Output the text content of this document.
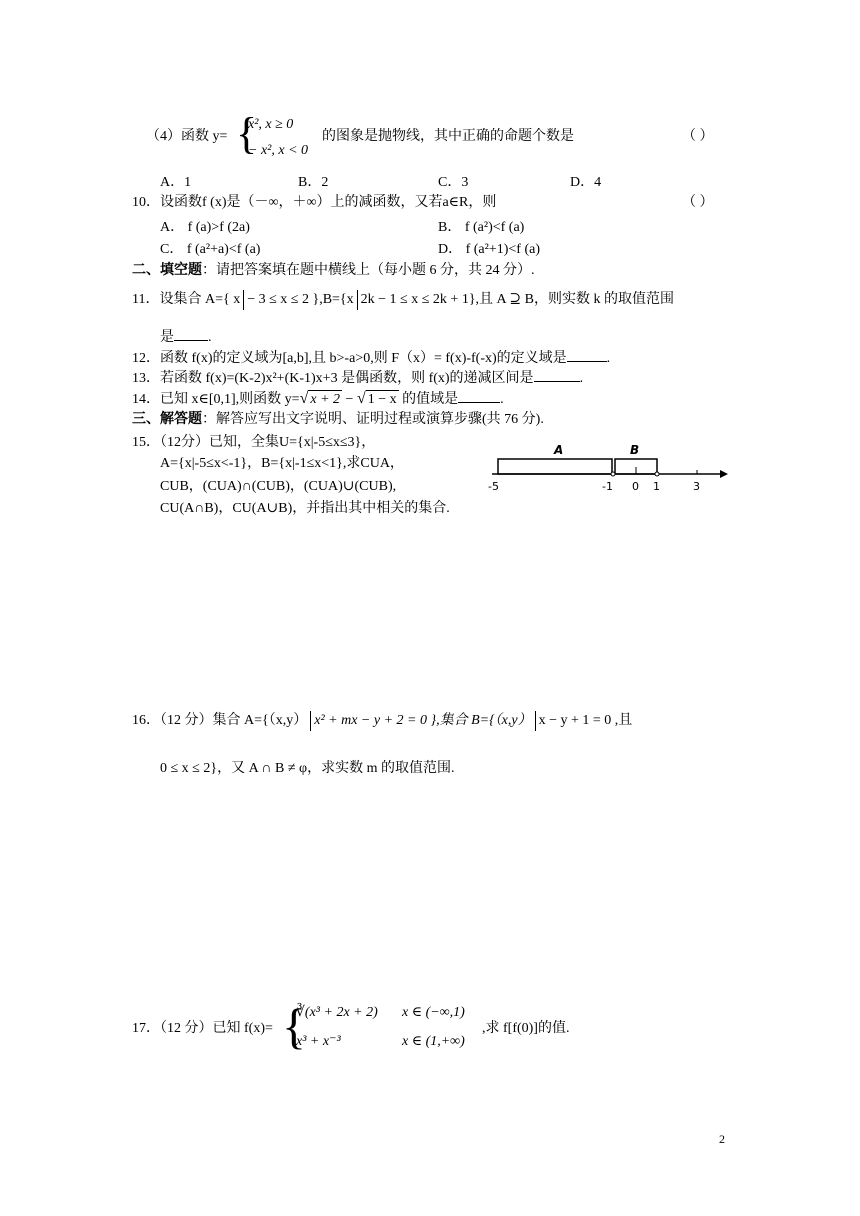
（4）函数 y= {
x², x ≥ 0
− x², x < 0
的图象是抛物线，其中正确的命题个数是	（ ）
A．1	B．2	C．3	D．4
10．设函数f (x)是（－∞，＋∞）上的减函数，又若a∈R，则	（ ）
A． f (a)>f (2a)	B． f (a²)<f (a)
C． f (a²+a)<f (a)	D． f (a²+1)<f (a)
二、填空题：请把答案填在题中横线上（每小题 6 分，共 24 分）.
11．设集合 A={ x − 3 ≤ x ≤ 2 },B={x 2k − 1 ≤ x ≤ 2k + 1},且 A ⊇ B，则实数 k 的取值范围
是 .
12．函数 f(x)的定义域为[a,b],且 b>-a>0,则 F（x）= f(x)-f(-x)的定义域是	.
13．若函数 f(x)=(K-2)x²+(K-1)x+3 是偶函数，则 f(x)的递减区间是	.
14．已知 x∈[0,1],则函数 y=√ x + 2 − √ 1 − x 的值域是	.
三、解答题：解答应写出文字说明、证明过程或演算步骤(共 76 分).
15．（12分）已知，全集U={x|-5≤x≤3}，
A={x|-5≤x<-1}，B={x|-1≤x<1},求CUA，
CUB，(CUA)∩(CUB)，(CUA)∪(CUB),
CU(A∩B)，CU(A∪B)，并指出其中相关的集合.
A	B
-5	-1 0 1	3
16．（12 分）集合 A={（x,y） x² + mx − y + 2 = 0 },集合 B={（x,y） x − y + 1 = 0 ,且
0 ≤ x ≤ 2}，又 A ∩ B ≠ φ，求实数 m 的取值范围.
17．（12 分）已知 f(x)= {
∛(x³ + 2x + 2) x ∈ (−∞,1)
x³ + x⁻³	x ∈ (1,+∞)
,求 f[f(0)]的值.
2
